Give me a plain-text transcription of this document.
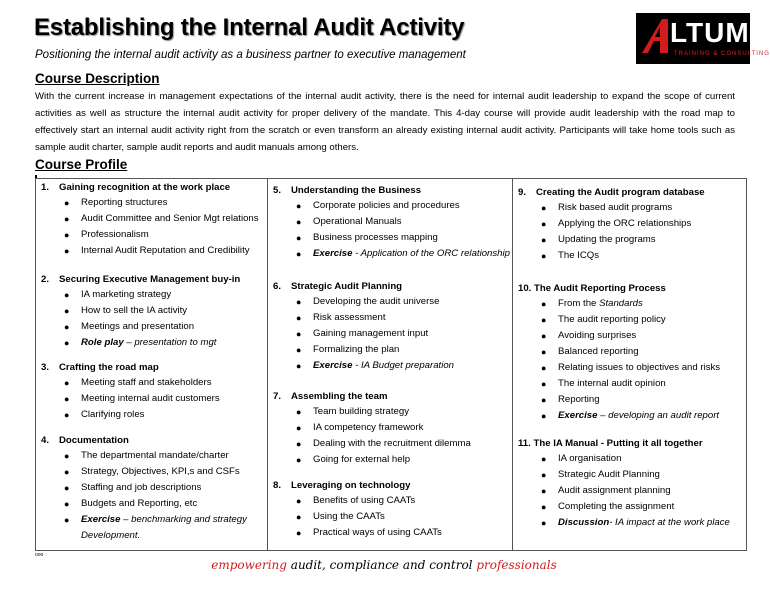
Establishing the Internal Audit Activity
Positioning the internal audit activity as a business partner to executive management
LTUM
TRAINING & CONSULTING
Course Description
With the current increase in management expectations of the internal audit activity, there is the need for internal audit leadership to expand the scope of current activities as well as structure the internal audit activity for proper delivery of the mandate. This 4-day course will provide audit leadership with the road map to effectively start an internal audit activity right from the scratch or even transform an already existing internal audit activity. Participants will take home tools such as sample audit charter, sample audit reports and audit manuals among others.
Course Profile
1. Gaining recognition at the work place
● Reporting structures
● Audit Committee and Senior Mgt relations
● Professionalism
● Internal Audit Reputation and Credibility
2. Securing Executive Management buy-in
● IA marketing strategy
● How to sell the IA activity
● Meetings and presentation
● Role play – presentation to mgt
3. Crafting the road map
● Meeting staff and stakeholders
● Meeting internal audit customers
● Clarifying roles
4. Documentation
● The departmental mandate/charter
● Strategy, Objectives, KPI,s and CSFs
● Staffing and job descriptions
● Budgets and Reporting, etc
● Exercise – benchmarking and strategy
Development.
5. Understanding the Business
● Corporate policies and procedures
● Operational Manuals
● Business processes mapping
● Exercise - Application of the ORC relationship
6. Strategic Audit Planning
● Developing the audit universe
● Risk assessment
● Gaining management input
● Formalizing the plan
● Exercise - IA Budget preparation
7. Assembling the team
● Team building strategy
● IA competency framework
● Dealing with the recruitment dilemma
● Going for external help
8. Leveraging on technology
● Benefits of using CAATs
● Using the CAATs
● Practical ways of using CAATs
9. Creating the Audit program database
● Risk based audit programs
● Applying the ORC relationships
● Updating the programs
● The ICQs
10. The Audit Reporting Process
● From the Standards
● The audit reporting policy
● Avoiding surprises
● Balanced reporting
● Relating issues to objectives and risks
● The internal audit opinion
● Reporting
● Exercise – developing an audit report
11. The IA Manual - Putting it all together
● IA organisation
● Strategic Audit Planning
● Audit assignment planning
● Completing the assignment
● Discussion- IA impact at the work place
ooo
empowering audit, compliance and control professionals
